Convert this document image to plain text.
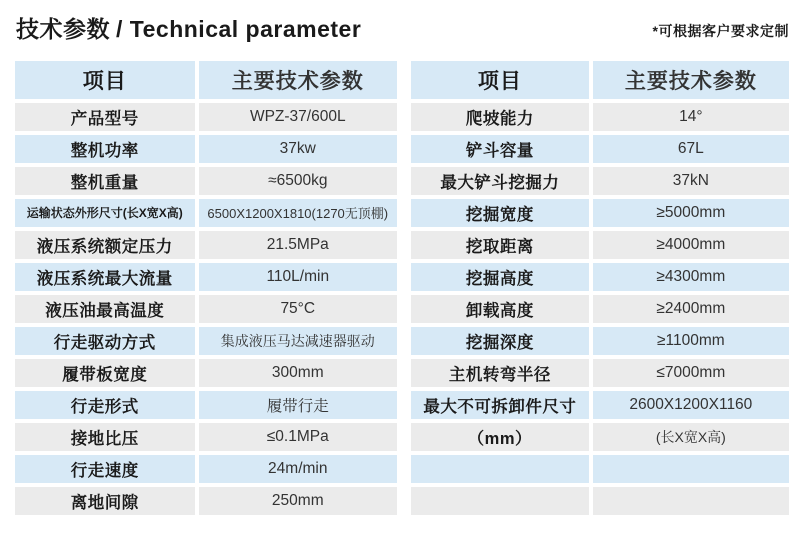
技术参数 / Technical parameter	*可根据客户要求定制
项目	主要技术参数
产品型号	WPZ-37/600L
整机功率	37kw
整机重量	≈6500kg
运输状态外形尺寸(长X宽X高)	6500X1200X1810(1270无顶棚)
液压系统额定压力	21.5MPa
液压系统最大流量	110L/min
液压油最高温度	75°C
行走驱动方式	集成液压马达减速器驱动
履带板宽度	300mm
行走形式	履带行走
接地比压	≤0.1MPa
行走速度	24m/min
离地间隙	250mm
项目	主要技术参数
爬坡能力	14°
铲斗容量	67L
最大铲斗挖掘力	37kN
挖掘宽度	≥5000mm
挖取距离	≥4000mm
挖掘高度	≥4300mm
卸载高度	≥2400mm
挖掘深度	≥1100mm
主机转弯半径	≤7000mm
最大不可拆卸件尺寸	2600X1200X1160
（mm）	(长X宽X高)
